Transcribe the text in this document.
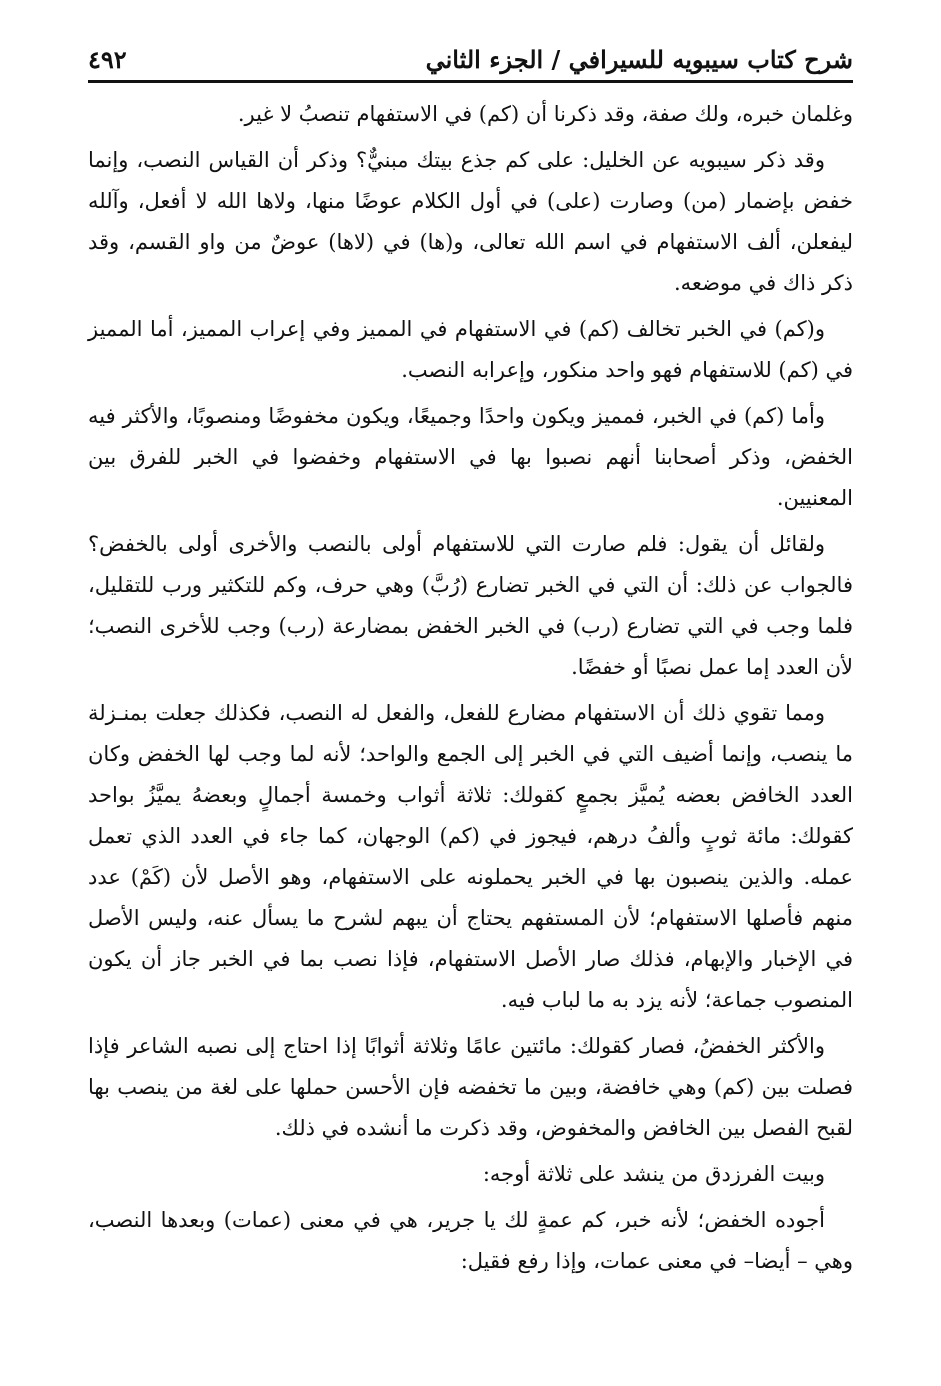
شرح كتاب سيبويه للسيرافي / الجزء الثاني
٤٩٢

وغلمان خبره، ولك صفة، وقد ذكرنا أن (كم) في الاستفهام تنصبُ لا غير.

وقد ذكر سيبويه عن الخليل: على كم جذع بيتك مبنيٌّ؟ وذكر أن القياس النصب، وإنما خفض بإضمار (من) وصارت (على) في أول الكلام عوضًا منها، ولاها الله لا أفعل، وآلله ليفعلن، ألف الاستفهام في اسم الله تعالى، و(ها) في (لاها) عوضٌ من واو القسم، وقد ذكر ذاك في موضعه.

و(كم) في الخبر تخالف (كم) في الاستفهام في المميز وفي إعراب المميز، أما المميز في (كم) للاستفهام فهو واحد منكور، وإعرابه النصب.

وأما (كم) في الخبر، فمميز ويكون واحدًا وجميعًا، ويكون مخفوضًا ومنصوبًا، والأكثر فيه الخفض، وذكر أصحابنا أنهم نصبوا بها في الاستفهام وخفضوا في الخبر للفرق بين المعنيين.

ولقائل أن يقول: فلم صارت التي للاستفهام أولى بالنصب والأخرى أولى بالخفض؟ فالجواب عن ذلك: أن التي في الخبر تضارع (رُبَّ) وهي حرف، وكم للتكثير ورب للتقليل، فلما وجب في التي تضارع (رب) في الخبر الخفض بمضارعة (رب) وجب للأخرى النصب؛ لأن العدد إما عمل نصبًا أو خفضًا.

ومما تقوي ذلك أن الاستفهام مضارع للفعل، والفعل له النصب، فكذلك جعلت بمنـزلة ما ينصب، وإنما أضيف التي في الخبر إلى الجمع والواحد؛ لأنه لما وجب لها الخفض وكان العدد الخافض بعضه يُميَّز بجمعٍ كقولك: ثلاثة أثواب وخمسة أجمالٍ وبعضهُ يميَّزُ بواحد كقولك: مائة ثوبٍ وألفُ درهم، فيجوز في (كم) الوجهان، كما جاء في العدد الذي تعمل عمله. والذين ينصبون بها في الخبر يحملونه على الاستفهام، وهو الأصل لأن (كَمْ) عدد منهم فأصلها الاستفهام؛ لأن المستفهم يحتاج أن يبهم لشرح ما يسأل عنه، وليس الأصل في الإخبار والإبهام، فذلك صار الأصل الاستفهام، فإذا نصب بما في الخبر جاز أن يكون المنصوب جماعة؛ لأنه يزد به ما لباب فيه.

والأكثر الخفضُ، فصار كقولك: مائتين عامًا وثلاثة أثوابًا إذا احتاج إلى نصبه الشاعر فإذا فصلت بين (كم) وهي خافضة، وبين ما تخفضه فإن الأحسن حملها على لغة من ينصب بها لقبح الفصل بين الخافض والمخفوض، وقد ذكرت ما أنشده في ذلك.

وبيت الفرزدق من ينشد على ثلاثة أوجه:

أجوده الخفض؛ لأنه خبر، كم عمةٍ لك يا جرير، هي في معنى (عمات) وبعدها النصب، وهي – أيضا– في معنى عمات، وإذا رفع فقيل:
